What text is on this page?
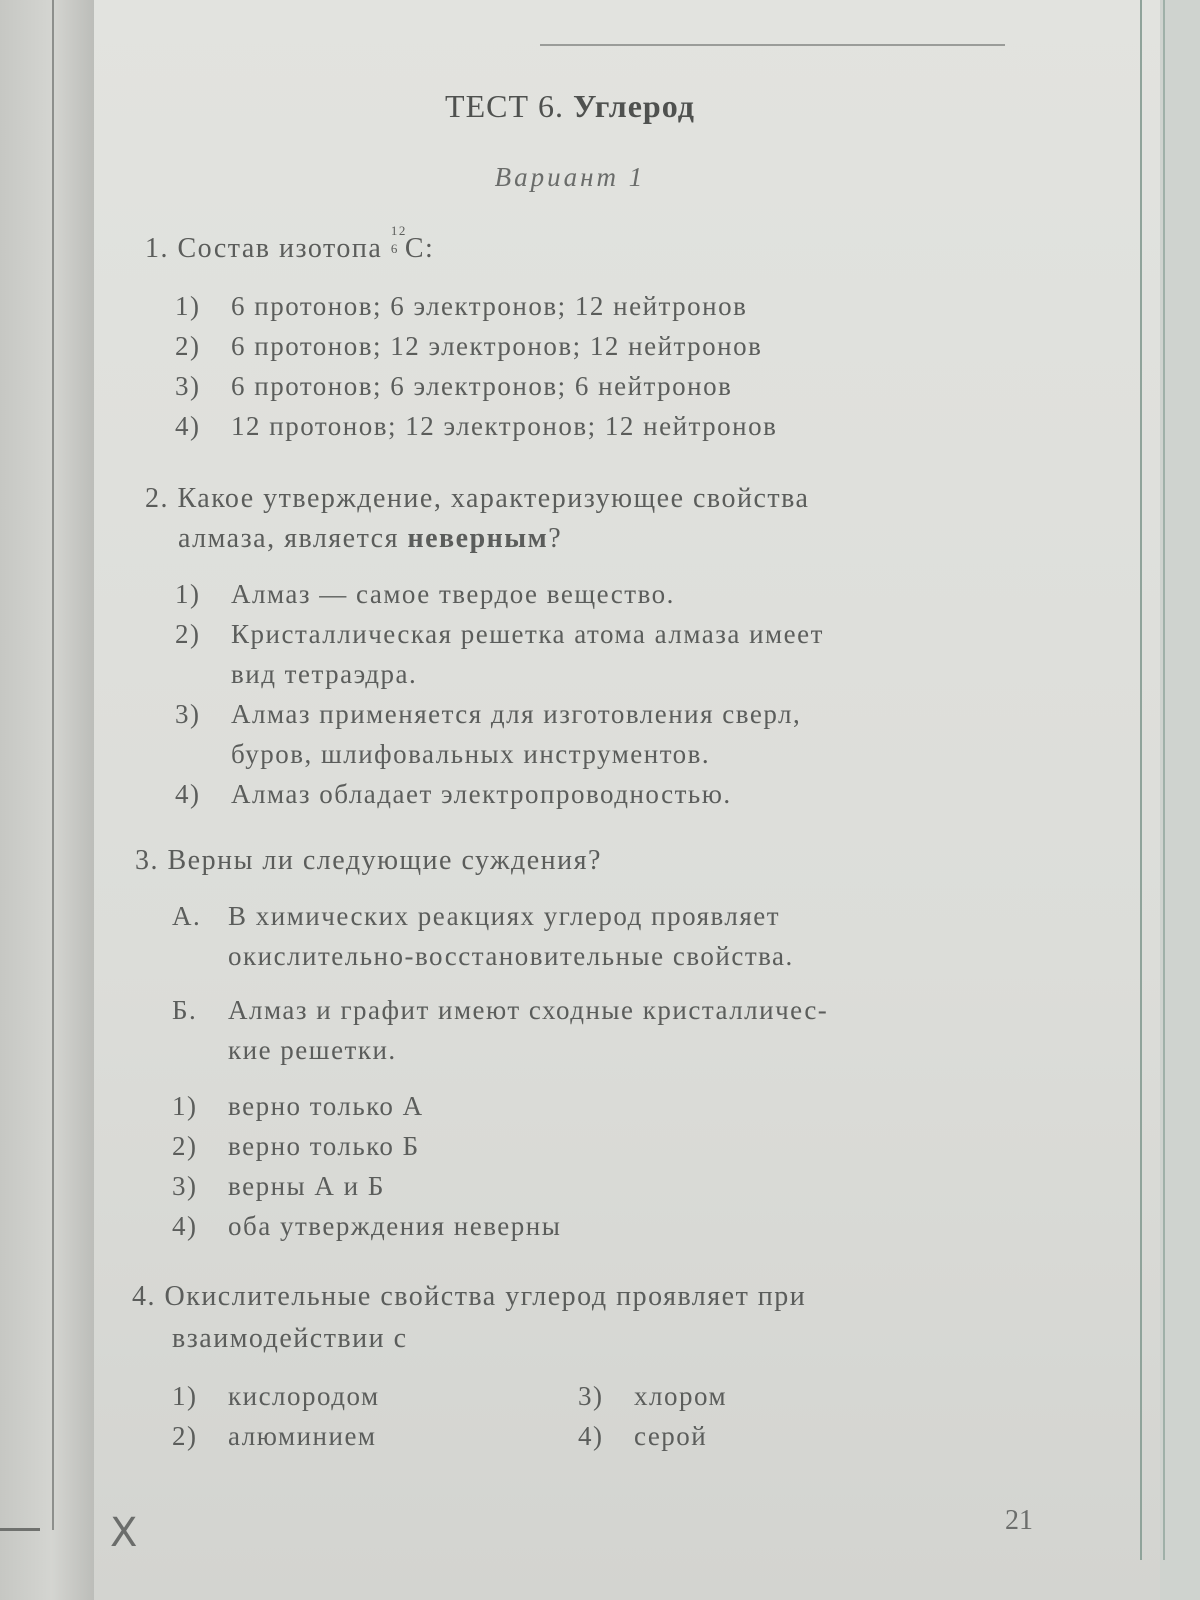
ТЕСТ 6. Углерод
Вариант 1
1. Состав изотопа
$^{12 6}$ C:
1) 6 протонов; 6 электронов; 12 нейтронов
2) 6 протонов; 12 электронов; 12 нейтронов
3) 6 протонов; 6 электронов; 6 нейтронов
4) 12 протонов; 12 электронов; 12 нейтронов
2. Какое утверждение, характеризующее свойства
алмаза, является неверным?
1) Алмаз — самое твердое вещество.
2) Кристаллическая решетка атома алмаза имеет
вид тетраэдра.
3) Алмаз применяется для изготовления сверл,
буров, шлифовальных инструментов.
4) Алмаз обладает электропроводностью.
3. Верны ли следующие суждения?
А. В химических реакциях углерод проявляет
окислительно-восстановительные свойства.
Б. Алмаз и графит имеют сходные кристалличес-
кие решетки.
1) верно только А
2) верно только Б
3) верны А и Б
4) оба утверждения неверны
4. Окислительные свойства углерод проявляет при
взаимодействии с
1) кислородом
2) алюминием
3) хлором
4) серой
Х	21
